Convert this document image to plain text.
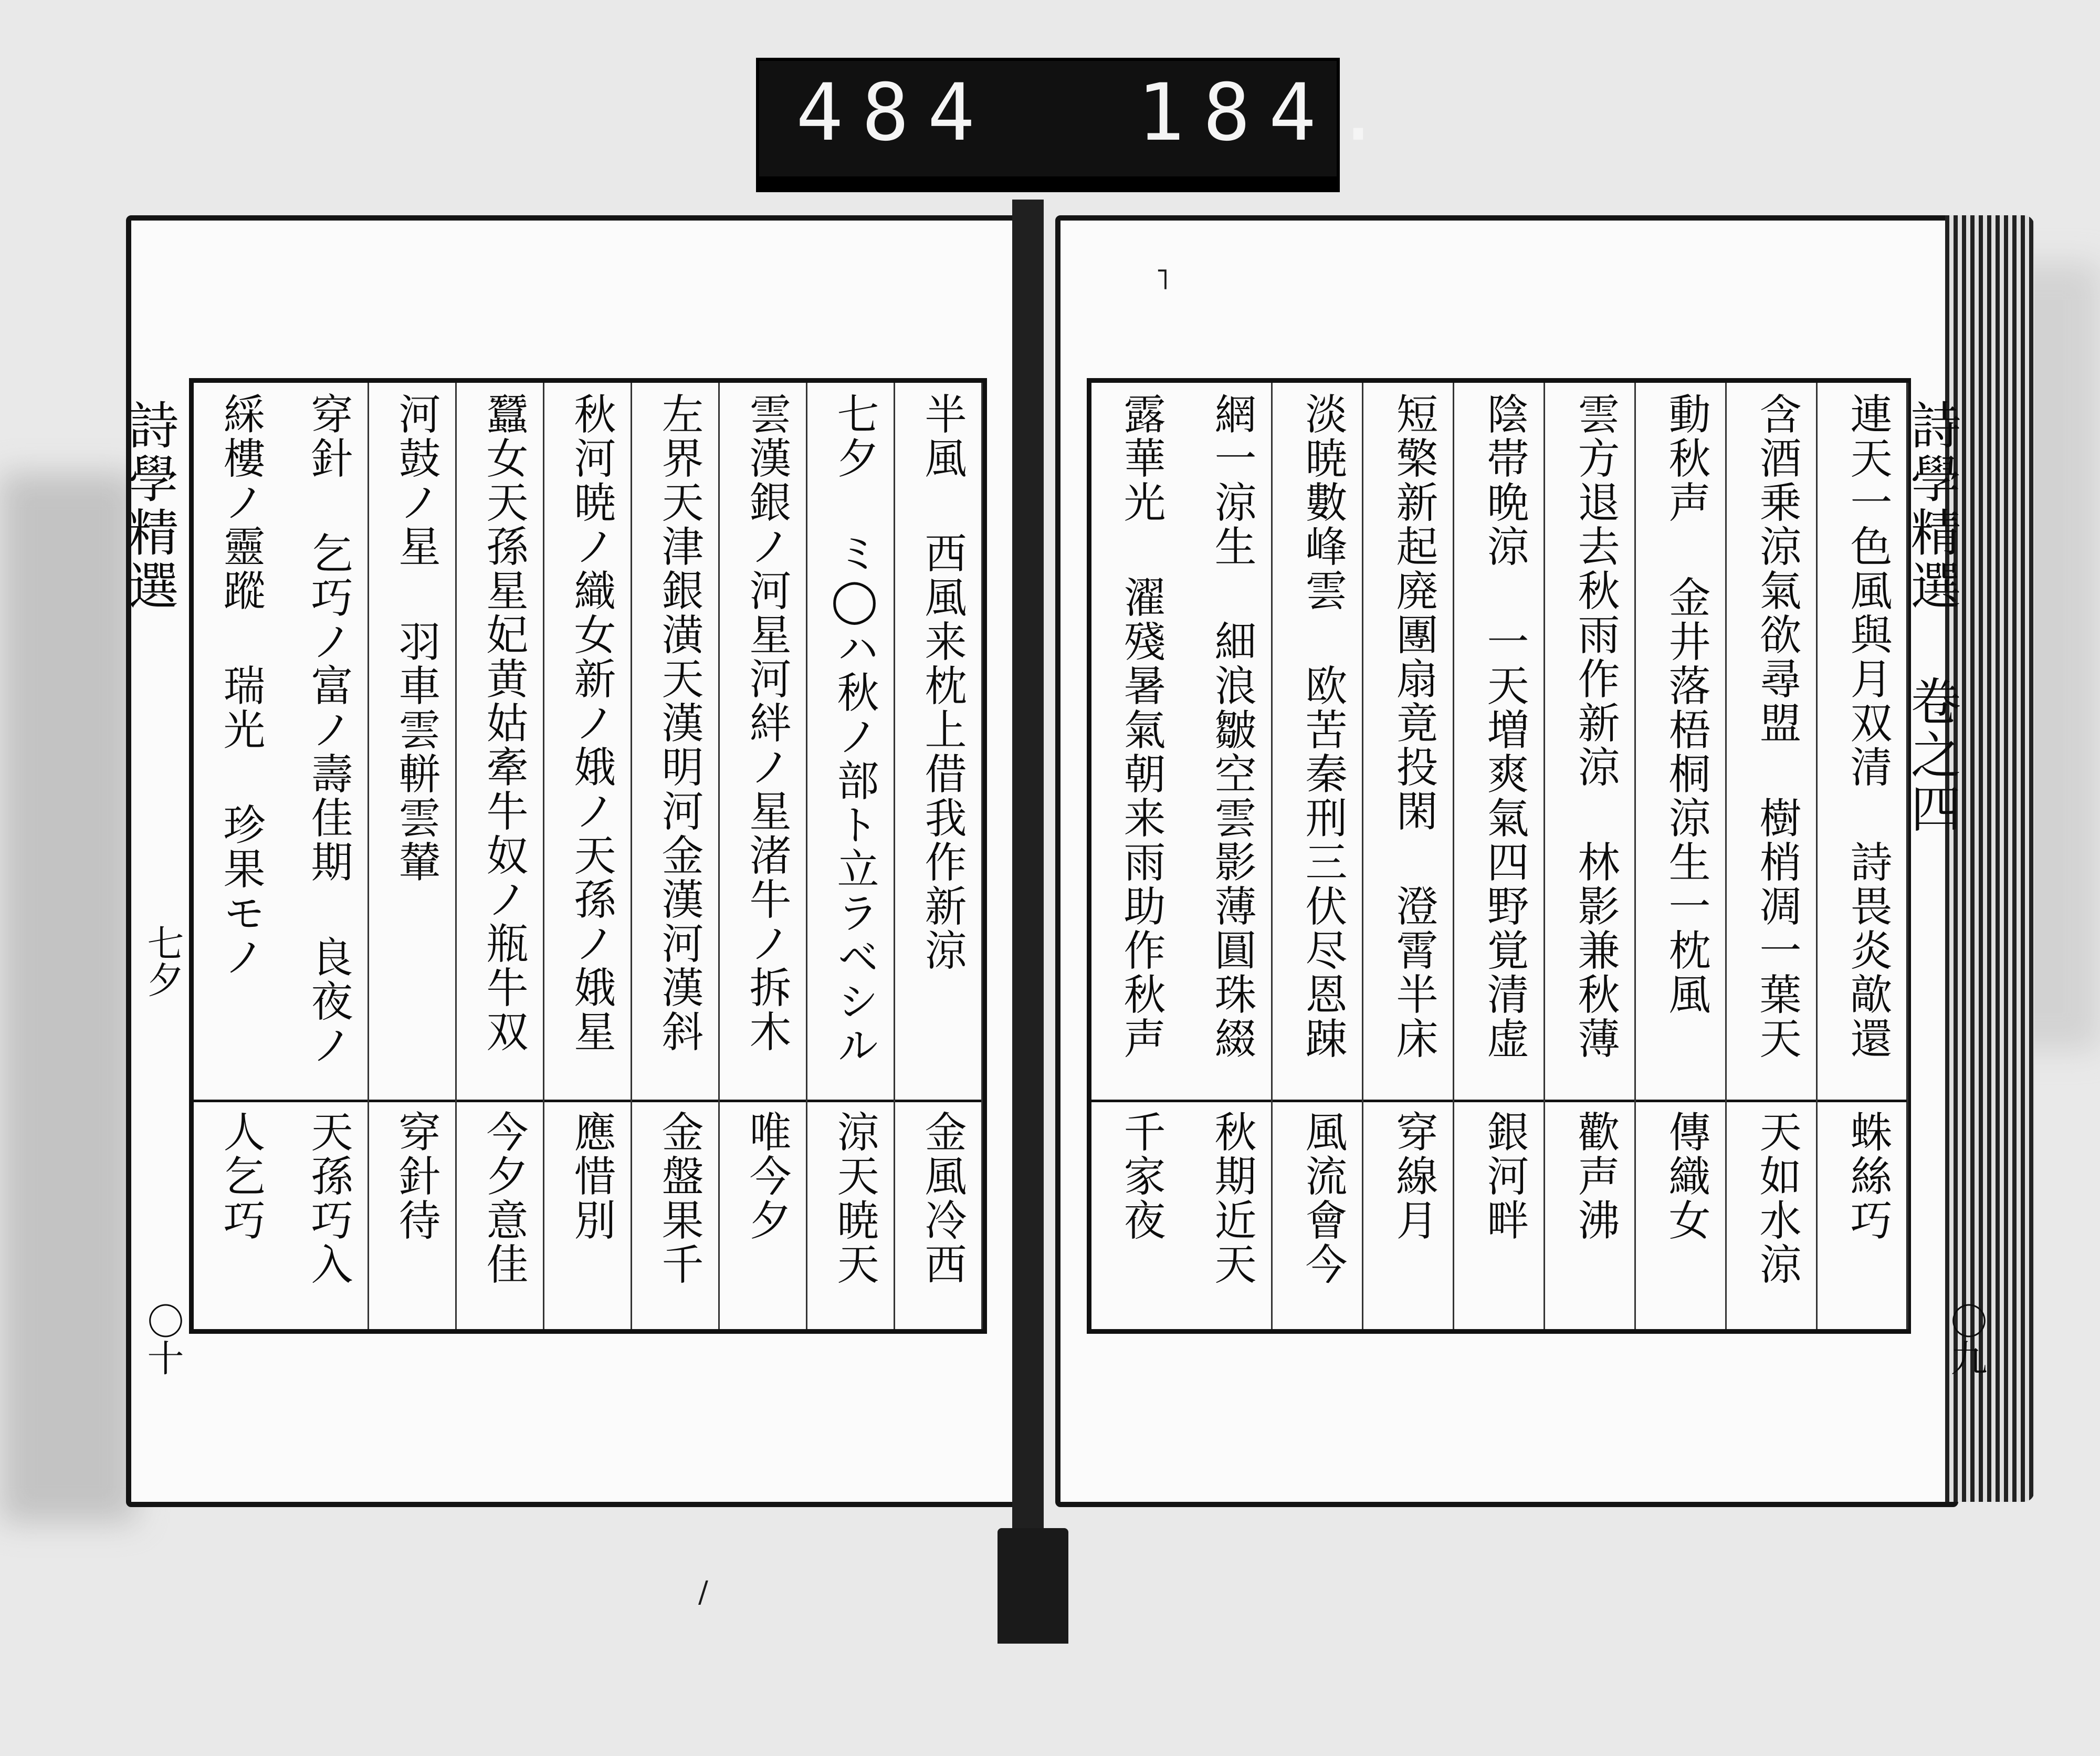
484 184.
˥
/
詩學精選	詩學精選 卷之四
七夕
〇十	〇九
半風 西風来枕上借我作新涼
金風冷西
七夕 ミ◯ハ秋ノ部ト立ラベシル
涼天暁天
雲漢銀ノ河星河絆ノ星渚牛ノ拆木
唯今夕
左界天津銀潢天漢明河金漢河漢斜
金盤果千
秋河暁ノ織女新ノ娥ノ天孫ノ娥星
應惜別
蠶女天孫星妃黄姑牽牛奴ノ瓶牛双
今夕意佳
河鼓ノ星 羽車雲軿雲輦
穿針待
穿針 乞巧ノ富ノ壽佳期 良夜ノ
天孫巧入
綵樓ノ靈蹤 瑞光 珍果モノ
人乞巧
連天一色風與月双清 詩畏炎歊還
蛛絲巧
含酒乗涼氣欲尋盟 樹梢凋一葉天
天如水涼
動秋声 金井落梧桐涼生一枕風
傳織女
雲方退去秋雨作新涼 林影兼秋薄
歡声沸
陰帯晩涼 一天増爽氣四野覚清虚
銀河畔
短檠新起廃團扇竟投閑 澄霄半床
穿線月
淡暁數峰雲 欧苦秦刑三伏尽恩踈
風流會今
網一涼生 細浪皺空雲影薄圓珠綴
秋期近天
露華光 濯殘暑氣朝来雨助作秋声
千家夜
